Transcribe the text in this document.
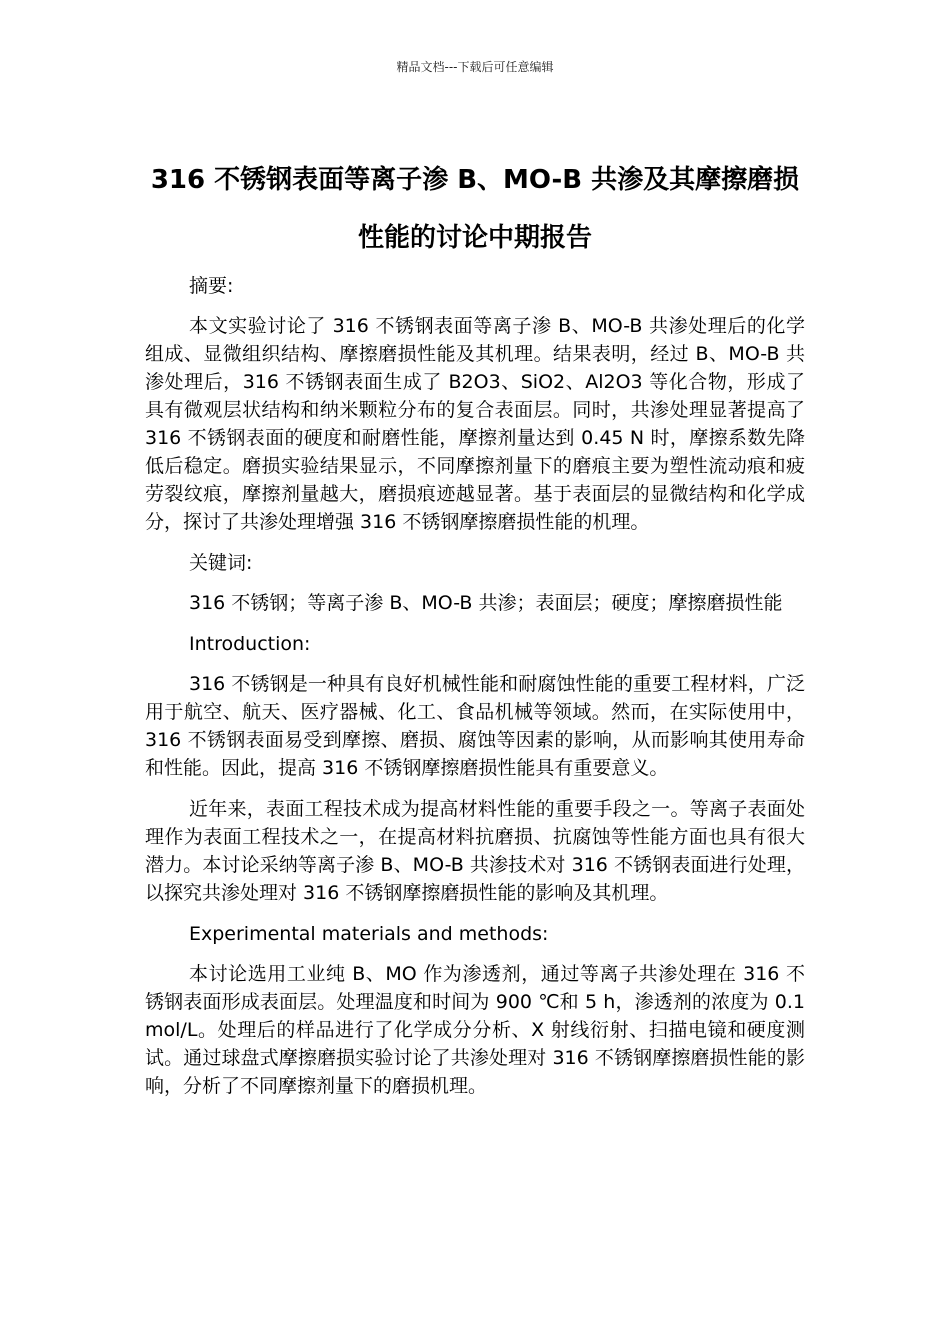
精品文档---下载后可任意编辑
316 不锈钢表面等离子渗 B、MO-B 共渗及其摩擦磨损性能的讨论中期报告

摘要:

本文实验讨论了 316 不锈钢表面等离子渗 B、MO-B 共渗处理后的化学组成、显微组织结构、摩擦磨损性能及其机理。结果表明，经过 B、MO-B 共渗处理后，316 不锈钢表面生成了 B2O3、SiO2、Al2O3 等化合物，形成了具有微观层状结构和纳米颗粒分布的复合表面层。同时，共渗处理显著提高了 316 不锈钢表面的硬度和耐磨性能，摩擦剂量达到 0.45 N 时，摩擦系数先降低后稳定。磨损实验结果显示，不同摩擦剂量下的磨痕主要为塑性流动痕和疲劳裂纹痕，摩擦剂量越大，磨损痕迹越显著。基于表面层的显微结构和化学成分，探讨了共渗处理增强 316 不锈钢摩擦磨损性能的机理。

关键词:

316 不锈钢；等离子渗 B、MO-B 共渗；表面层；硬度；摩擦磨损性能

Introduction:

316 不锈钢是一种具有良好机械性能和耐腐蚀性能的重要工程材料，广泛用于航空、航天、医疗器械、化工、食品机械等领域。然而，在实际使用中，316 不锈钢表面易受到摩擦、磨损、腐蚀等因素的影响，从而影响其使用寿命和性能。因此，提高 316 不锈钢摩擦磨损性能具有重要意义。

近年来，表面工程技术成为提高材料性能的重要手段之一。等离子表面处理作为表面工程技术之一，在提高材料抗磨损、抗腐蚀等性能方面也具有很大潜力。本讨论采纳等离子渗 B、MO-B 共渗技术对 316 不锈钢表面进行处理，以探究共渗处理对 316 不锈钢摩擦磨损性能的影响及其机理。

Experimental materials and methods:

本讨论选用工业纯 B、MO 作为渗透剂，通过等离子共渗处理在 316 不锈钢表面形成表面层。处理温度和时间为 900 ℃和 5 h，渗透剂的浓度为 0.1 mol/L。处理后的样品进行了化学成分分析、X 射线衍射、扫描电镜和硬度测试。通过球盘式摩擦磨损实验讨论了共渗处理对 316 不锈钢摩擦磨损性能的影响，分析了不同摩擦剂量下的磨损机理。
